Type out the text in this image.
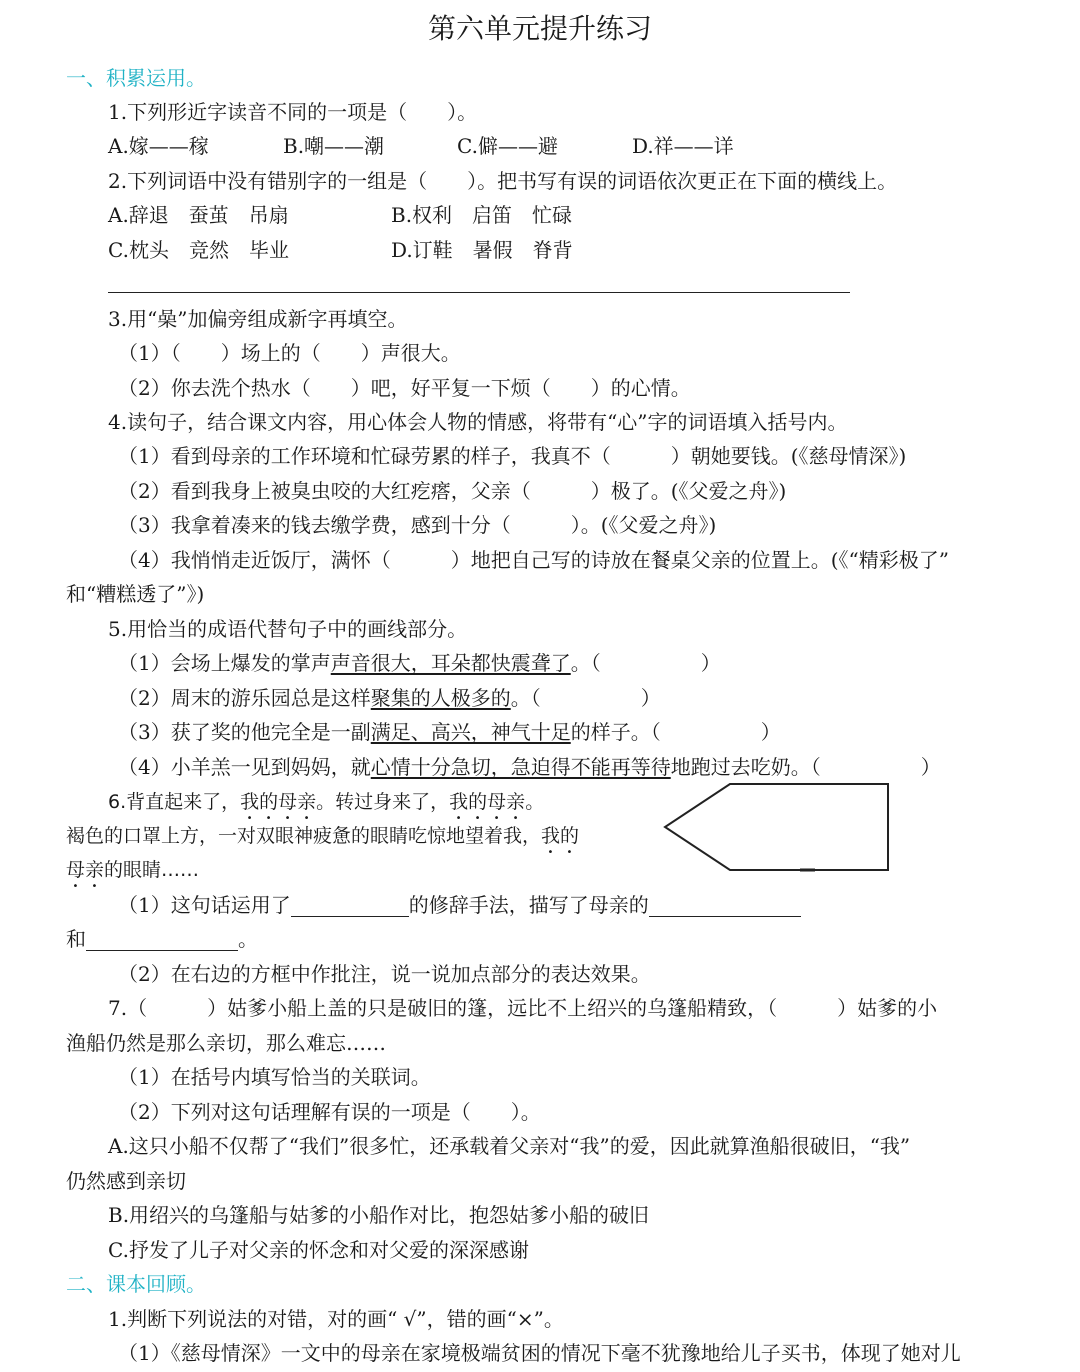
第六单元提升练习
一、积累运用。
1.下列形近字读音不同的一项是（　　）。
A.嫁——稼	B.嘲——潮	C.僻——避	D.祥——详
2.下列词语中没有错别字的一组是（　　）。把书写有误的词语依次更正在下面的横线上。
A.辞退　蚕茧　吊扇	B.权利　启笛　忙碌
C.枕头　竞然　毕业	D.订鞋　暑假　脊背
3.用“喿”加偏旁组成新字再填空。
（1）（　　）场上的（　　）声很大。
（2）你去洗个热水（　　）吧，好平复一下烦（　　）的心情。
4.读句子，结合课文内容，用心体会人物的情感，将带有“心”字的词语填入括号内。
（1）看到母亲的工作环境和忙碌劳累的样子，我真不（　　　）朝她要钱。(《慈母情深》)
（2）看到我身上被臭虫咬的大红疙瘩，父亲（　　　）极了。(《父爱之舟》)
（3）我拿着凑来的钱去缴学费，感到十分（　　　）。(《父爱之舟》)
（4）我悄悄走近饭厅，满怀（　　　）地把自己写的诗放在餐桌父亲的位置上。(《“精彩极了”
和“糟糕透了”》)
5.用恰当的成语代替句子中的画线部分。
（1）会场上爆发的掌声声音很大，耳朵都快震聋了。（　　　　　）
（2）周末的游乐园总是这样聚集的人极多的。（　　　　　）
（3）获了奖的他完全是一副满足、高兴，神气十足的样子。（　　　　　）
（4）小羊羔一见到妈妈，就心情十分急切，急迫得不能再等待地跑过去吃奶。（　　　　　）
6.背直起来了，我的母亲。转过身来了，我的母亲。
褐色的口罩上方，一对双眼神疲惫的眼睛吃惊地望着我，我的
母亲的眼睛……
（1）这句话运用了	的修辞手法，描写了母亲的
和	。
（2）在右边的方框中作批注，说一说加点部分的表达效果。
7.（　　　）姑爹小船上盖的只是破旧的篷，远比不上绍兴的乌篷船精致，（　　　）姑爹的小
渔船仍然是那么亲切，那么难忘……
（1）在括号内填写恰当的关联词。
（2）下列对这句话理解有误的一项是（　　）。
A.这只小船不仅帮了“我们”很多忙，还承载着父亲对“我”的爱，因此就算渔船很破旧，“我”
仍然感到亲切
B.用绍兴的乌篷船与姑爹的小船作对比，抱怨姑爹小船的破旧
C.抒发了儿子对父亲的怀念和对父爱的深深感谢
二、课本回顾。
1.判断下列说法的对错，对的画“ √”，错的画“×”。
（1）《慈母情深》一文中的母亲在家境极端贫困的情况下毫不犹豫地给儿子买书，体现了她对儿
